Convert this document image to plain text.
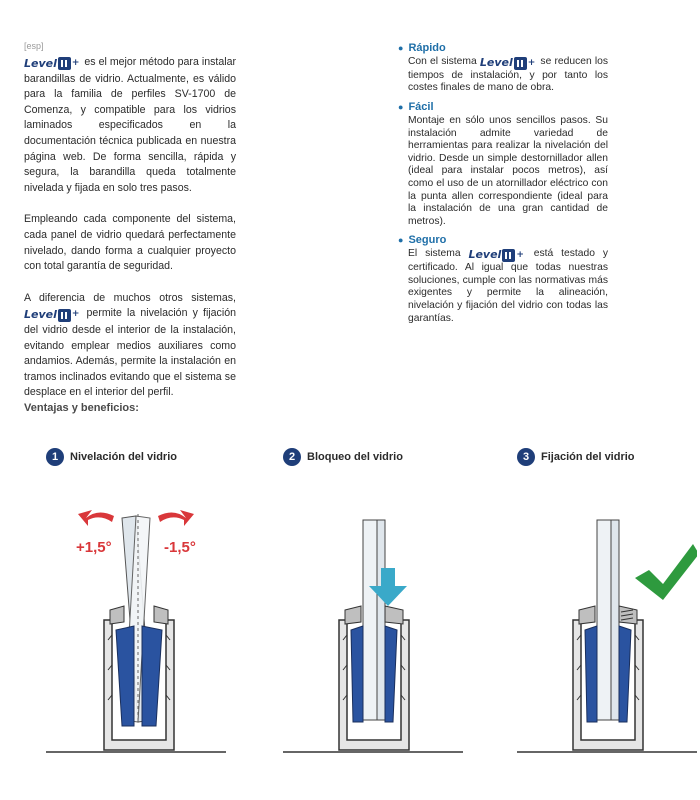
[esp]

Level + es el mejor método para instalar barandillas de vidrio. Actualmente, es válido para la familia de perfiles SV-1700 de Comenza, y compatible para los vidrios laminados especificados en la documentación técnica publicada en nuestra página web. De forma sencilla, rápida y segura, la barandilla queda totalmente nivelada y fijada en solo tres pasos.

Empleando cada componente del sistema, cada panel de vidrio quedará perfectamente nivelado, dando forma a cualquier proyecto con total garantía de seguridad.

A diferencia de muchos otros sistemas,
Level + permite la nivelación y fijación del vidrio desde el interior de la instalación, evitando emplear medios auxiliares como andamios. Además, permite la instalación en tramos inclinados evitando que el sistema se desplace en el interior del perfil.

Ventajas y beneficios:
● Rápido
Con el sistema Level + se reducen los tiempos de instalación, y por tanto los costes finales de mano de obra.
● Fácil
Montaje en sólo unos sencillos pasos. Su instalación admite variedad de herramientas para realizar la nivelación del vidrio. Desde un simple destornillador allen (ideal para instalar pocos metros), así como el uso de un atornillador eléctrico con la punta allen correspondiente (ideal para la instalación de una gran cantidad de metros).
● Seguro
El sistema Level + está testado y certificado. Al igual que todas nuestras soluciones, cumple con las normativas más exigentes y permite la alineación, nivelación y fijación del vidrio con todas las garantías.
1	Nivelación del vidrio	2	Bloqueo del vidrio	3	Fijación del vidrio
+1,5°	-1,5°
